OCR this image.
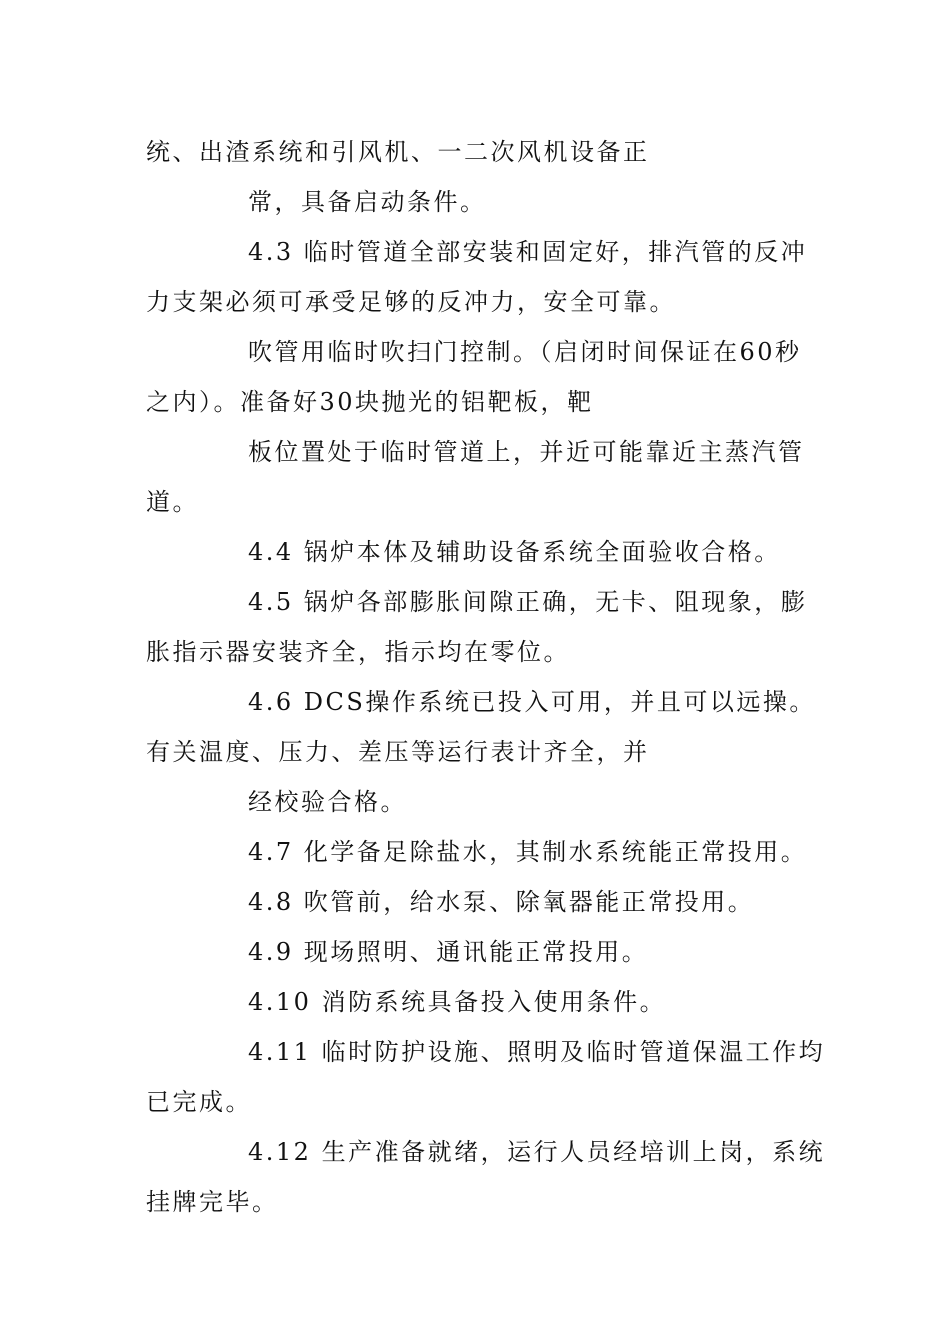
统、出渣系统和引风机、一二次风机设备正
常，具备启动条件。
4.3 临时管道全部安装和固定好，排汽管的反冲
力支架必须可承受足够的反冲力，安全可靠。
吹管用临时吹扫门控制。（启闭时间保证在60秒
之内）。准备好30块抛光的铝靶板，靶
板位置处于临时管道上，并近可能靠近主蒸汽管
道。
4.4 锅炉本体及辅助设备系统全面验收合格。
4.5 锅炉各部膨胀间隙正确，无卡、阻现象，膨
胀指示器安装齐全，指示均在零位。
4.6 DCS操作系统已投入可用，并且可以远操。
有关温度、压力、差压等运行表计齐全，并
经校验合格。
4.7 化学备足除盐水，其制水系统能正常投用。
4.8 吹管前，给水泵、除氧器能正常投用。
4.9 现场照明、通讯能正常投用。
4.10 消防系统具备投入使用条件。
4.11 临时防护设施、照明及临时管道保温工作均
已完成。
4.12 生产准备就绪，运行人员经培训上岗，系统
挂牌完毕。
